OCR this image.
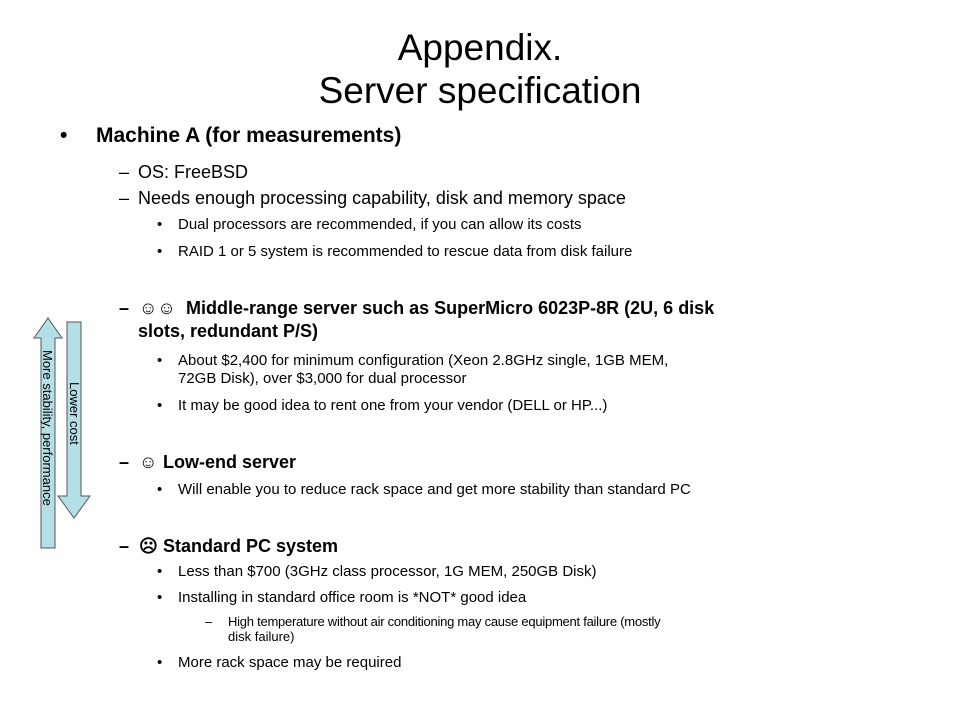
Appendix.
Server specification
• Machine A (for measurements)
– OS: FreeBSD
– Needs enough processing capability, disk and memory space
• Dual processors are recommended, if you can allow its costs
• RAID 1 or 5 system is recommended to rescue data from disk failure
– ☺☺ Middle-range server such as SuperMicro 6023P-8R (2U, 6 disk
slots, redundant P/S)
• About $2,400 for minimum configuration (Xeon 2.8GHz single, 1GB MEM,
72GB Disk), over $3,000 for dual processor
• It may be good idea to rent one from your vendor (DELL or HP...)
– ☺ Low-end server
• Will enable you to reduce rack space and get more stability than standard PC
– ☹ Standard PC system
• Less than $700 (3GHz class processor, 1G MEM, 250GB Disk)
• Installing in standard office room is *NOT* good idea
– High temperature without air conditioning may cause equipment failure (mostly
disk failure)
• More rack space may be required
More stability, performance Lower cost
